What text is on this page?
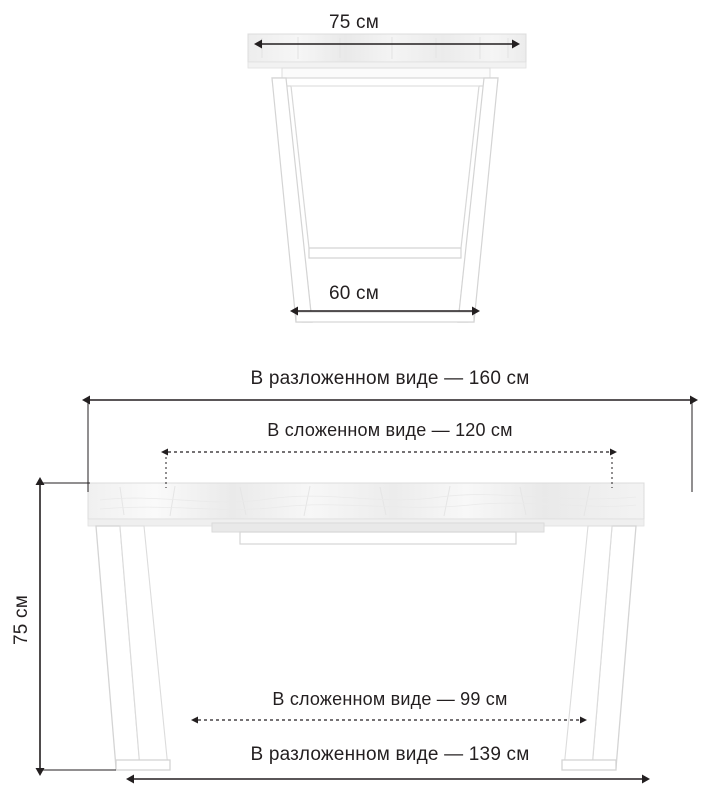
75 см
60 см
В разложенном виде — 160 см
В сложенном виде — 120 см
В сложенном виде — 99 см
В разложенном виде — 139 см
75 см
